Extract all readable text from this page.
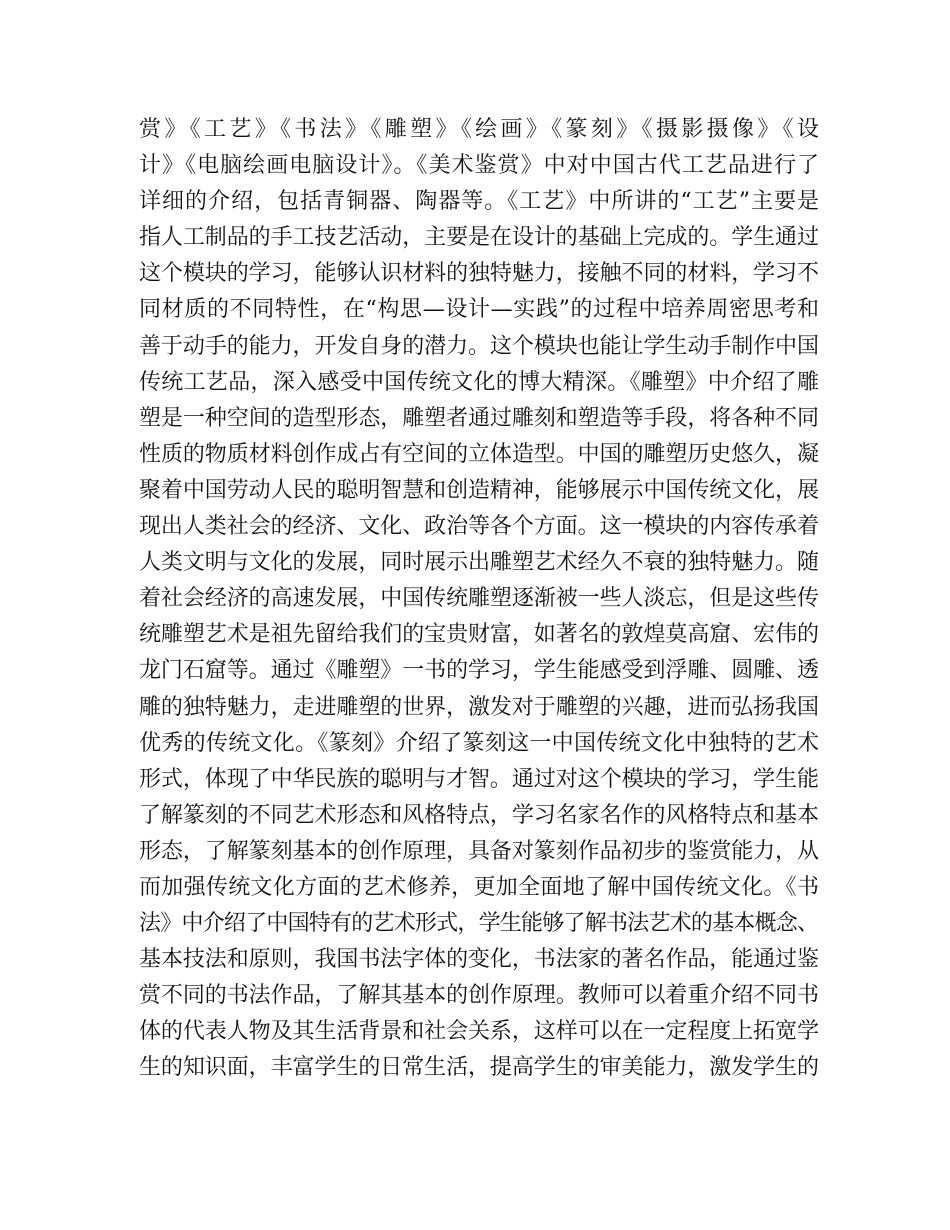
赏》《工艺》《书法》《雕塑》《绘画》《篆刻》《摄影摄像》《设
计》《电脑绘画电脑设计》。《美术鉴赏》中对中国古代工艺品进行了
详细的介绍，包括青铜器、陶器等。《工艺》中所讲的“工艺”主要是
指人工制品的手工技艺活动，主要是在设计的基础上完成的。学生通过
这个模块的学习，能够认识材料的独特魅力，接触不同的材料，学习不
同材质的不同特性，在“构思—设计—实践”的过程中培养周密思考和
善于动手的能力，开发自身的潜力。这个模块也能让学生动手制作中国
传统工艺品，深入感受中国传统文化的博大精深。《雕塑》中介绍了雕
塑是一种空间的造型形态，雕塑者通过雕刻和塑造等手段，将各种不同
性质的物质材料创作成占有空间的立体造型。中国的雕塑历史悠久，凝
聚着中国劳动人民的聪明智慧和创造精神，能够展示中国传统文化，展
现出人类社会的经济、文化、政治等各个方面。这一模块的内容传承着
人类文明与文化的发展，同时展示出雕塑艺术经久不衰的独特魅力。随
着社会经济的高速发展，中国传统雕塑逐渐被一些人淡忘，但是这些传
统雕塑艺术是祖先留给我们的宝贵财富，如著名的敦煌莫高窟、宏伟的
龙门石窟等。通过《雕塑》一书的学习，学生能感受到浮雕、圆雕、透
雕的独特魅力，走进雕塑的世界，激发对于雕塑的兴趣，进而弘扬我国
优秀的传统文化。《篆刻》介绍了篆刻这一中国传统文化中独特的艺术
形式，体现了中华民族的聪明与才智。通过对这个模块的学习，学生能
了解篆刻的不同艺术形态和风格特点，学习名家名作的风格特点和基本
形态，了解篆刻基本的创作原理，具备对篆刻作品初步的鉴赏能力，从
而加强传统文化方面的艺术修养，更加全面地了解中国传统文化。《书
法》中介绍了中国特有的艺术形式，学生能够了解书法艺术的基本概念、
基本技法和原则，我国书法字体的变化，书法家的著名作品，能通过鉴
赏不同的书法作品，了解其基本的创作原理。教师可以着重介绍不同书
体的代表人物及其生活背景和社会关系，这样可以在一定程度上拓宽学
生的知识面，丰富学生的日常生活，提高学生的审美能力，激发学生的
